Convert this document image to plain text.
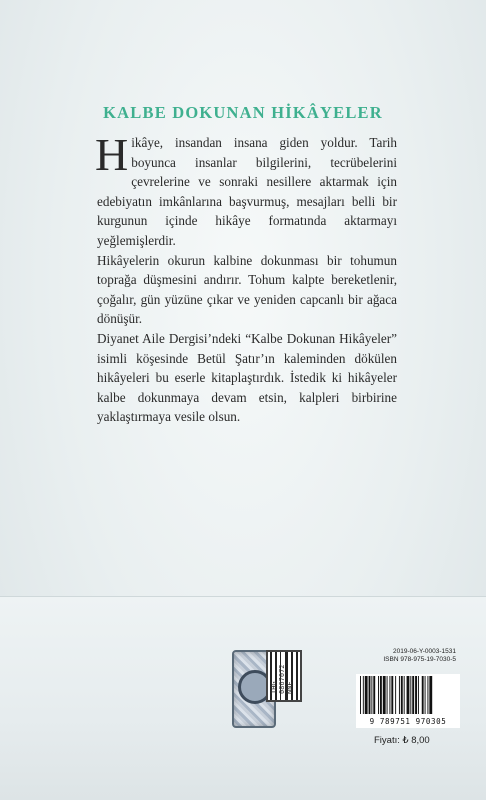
KALBE DOKUNAN HİKÂYELER

Hikâye, insandan insana giden yoldur. Tarih boyunca insanlar bilgilerini, tecrübelerini çevrelerine ve sonraki nesillere aktarmak için edebiyatın imkânlarına başvurmuş, mesajları belli bir kurgunun içinde hikâye formatında aktarmayı yeğlemişlerdir.

Hikâyelerin okurun kalbine dokunması bir tohumun toprağa düşmesini andırır. Tohum kalpte bereketlenir, çoğalır, gün yüzüne çıkar ve yeniden capcanlı bir ağaca dönüşür.

Diyanet Aile Dergisi’ndeki “Kalbe Dokunan Hikâyeler” isimli köşesinde Betül Şatır’ın kaleminden dökülen hikâyeleri bu eserle kitaplaştırdık. İstedik ki hikâyeler kalbe dokunmaya devam etsin, kalpleri birbirine yaklaştırmaya vesile olsun.

THG 0867072 NNE
2019-06-Y-0003-1531
ISBN 978-975-19-7030-5
9 789751 970305
Fiyatı: ₺ 8,00
